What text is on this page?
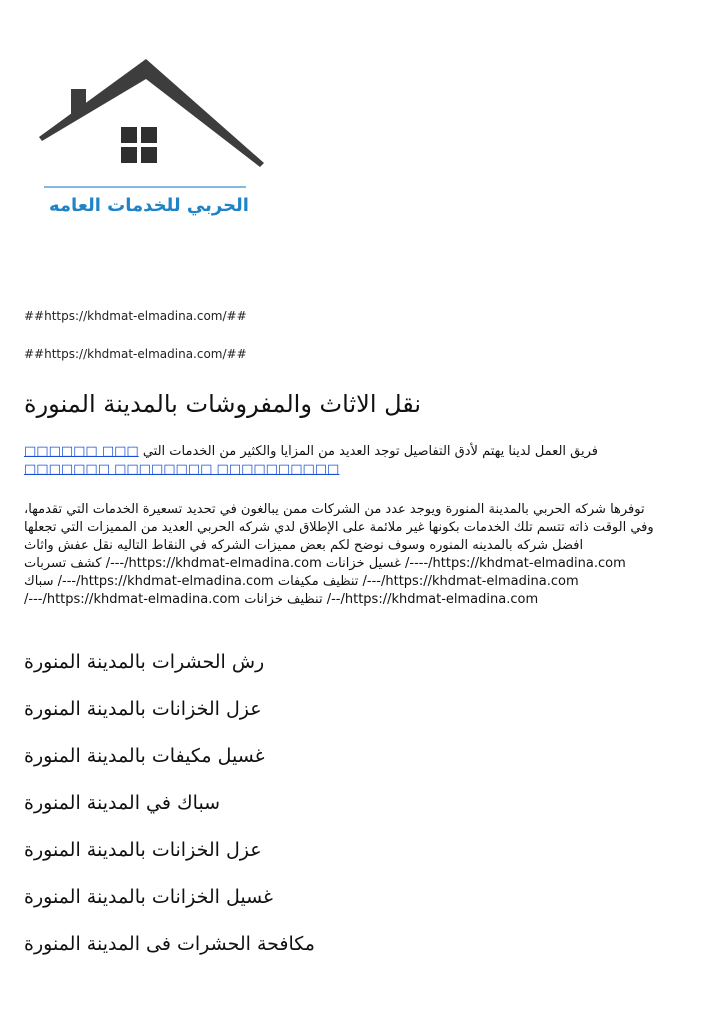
الحربي للخدمات العامه
##https://khdmat-elmadina.com/##
##https://khdmat-elmadina.com/##
نقل الاثاث والمفروشات بالمدينة المنورة
فريق العمل لدينا يهتم لأدق التفاصيل توجد العديد من المزايا والكثير من الخدمات التي □□□ □□□□□□ □□□□□□□□□□ □□□□□□□□ □□□□□□□
توفرها شركه الحربي بالمدينة المنورة ويوجد عدد من الشركات ممن يبالغون في تحديد تسعيرة الخدمات التي تقدمها، وفي الوقت ذاته تتسم تلك الخدمات بكونها غير ملائمة على الإطلاق لدي شركه الحربي العديد من المميزات التي تجعلها افضل شركه بالمدينه المنوره وسوف نوضح لكم بعض مميزات الشركه في النقاط التاليه نقل عفش واثاث https://khdmat-elmadina.com/----/ غسيل خزانات https://khdmat-elmadina.com/---/ كشف تسربات https://khdmat-elmadina.com/---/ تنظيف مكيفات https://khdmat-elmadina.com/---/ سباك https://khdmat-elmadina.com/--/ تنظيف خزانات https://khdmat-elmadina.com/---/
رش الحشرات بالمدينة المنورة
عزل الخزانات بالمدينة المنورة
غسيل مكيفات بالمدينة المنورة
سباك في المدينة المنورة
عزل الخزانات بالمدينة المنورة
غسيل الخزانات بالمدينة المنورة
مكافحة الحشرات فى المدينة المنورة
